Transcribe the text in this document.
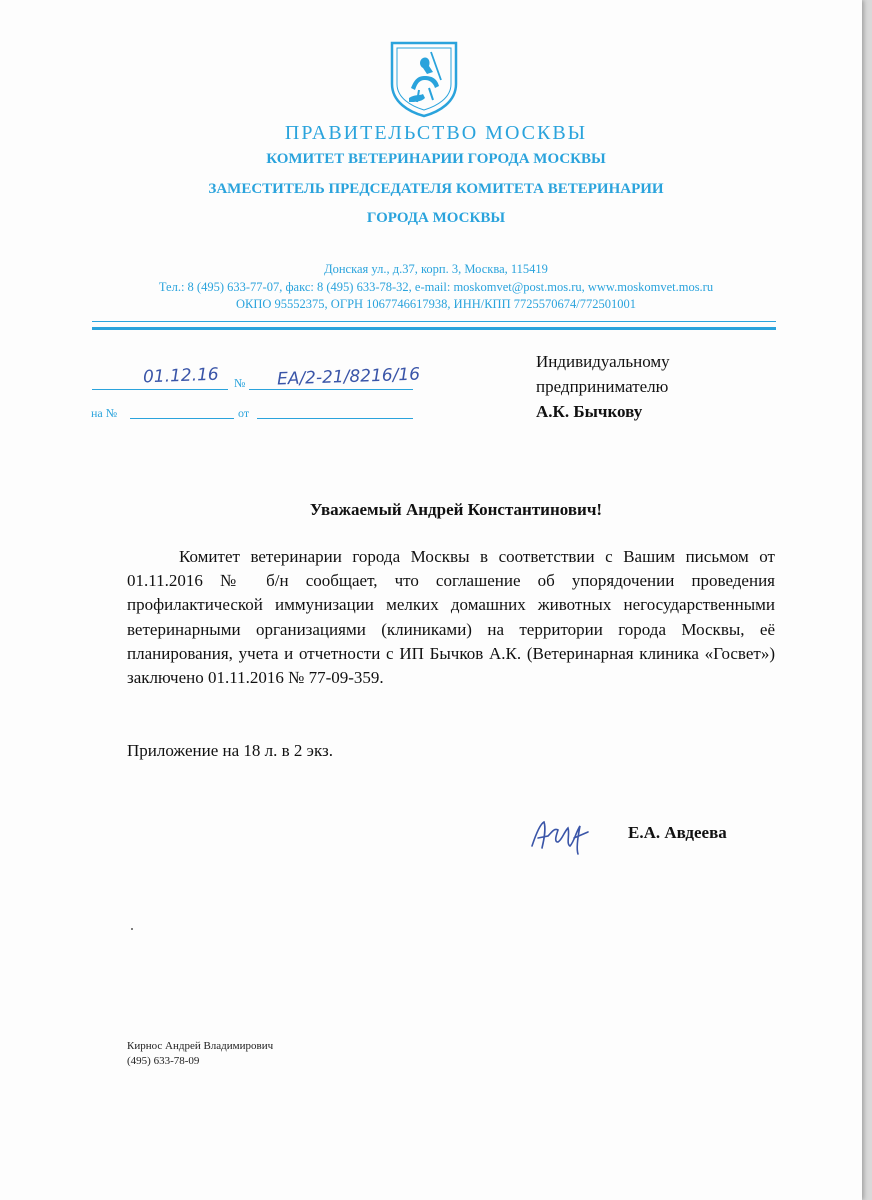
ПРАВИТЕЛЬСТВО МОСКВЫ
КОМИТЕТ ВЕТЕРИНАРИИ ГОРОДА МОСКВЫ
ЗАМЕСТИТЕЛЬ ПРЕДСЕДАТЕЛЯ КОМИТЕТА ВЕТЕРИНАРИИ
ГОРОДА МОСКВЫ
Донская ул., д.37, корп. 3, Москва, 115419
Тел.: 8 (495) 633-77-07, факс: 8 (495) 633-78-32, e-mail: moskomvet@post.mos.ru, www.moskomvet.mos.ru
ОКПО 95552375, ОГРН 1067746617938, ИНН/КПП 7725570674/772501001
№
01.12.16	ЕА/2-21/8216/16
на №	от
Индивидуальному
предпринимателю
А.К. Бычкову
Уважаемый Андрей Константинович!
Комитет ветеринарии города Москвы в соответствии с Вашим письмом от 01.11.2016 № б/н сообщает, что соглашение об упорядочении проведения профилактической иммунизации мелких домашних животных негосударственными ветеринарными организациями (клиниками) на территории города Москвы, её планирования, учета и отчетности с ИП Бычков А.К. (Ветеринарная клиника «Госвет») заключено 01.11.2016 № 77-09-359.
Приложение на 18 л. в 2 экз.
Е.А. Авдеева
Кирнос Андрей Владимирович
(495) 633-78-09
